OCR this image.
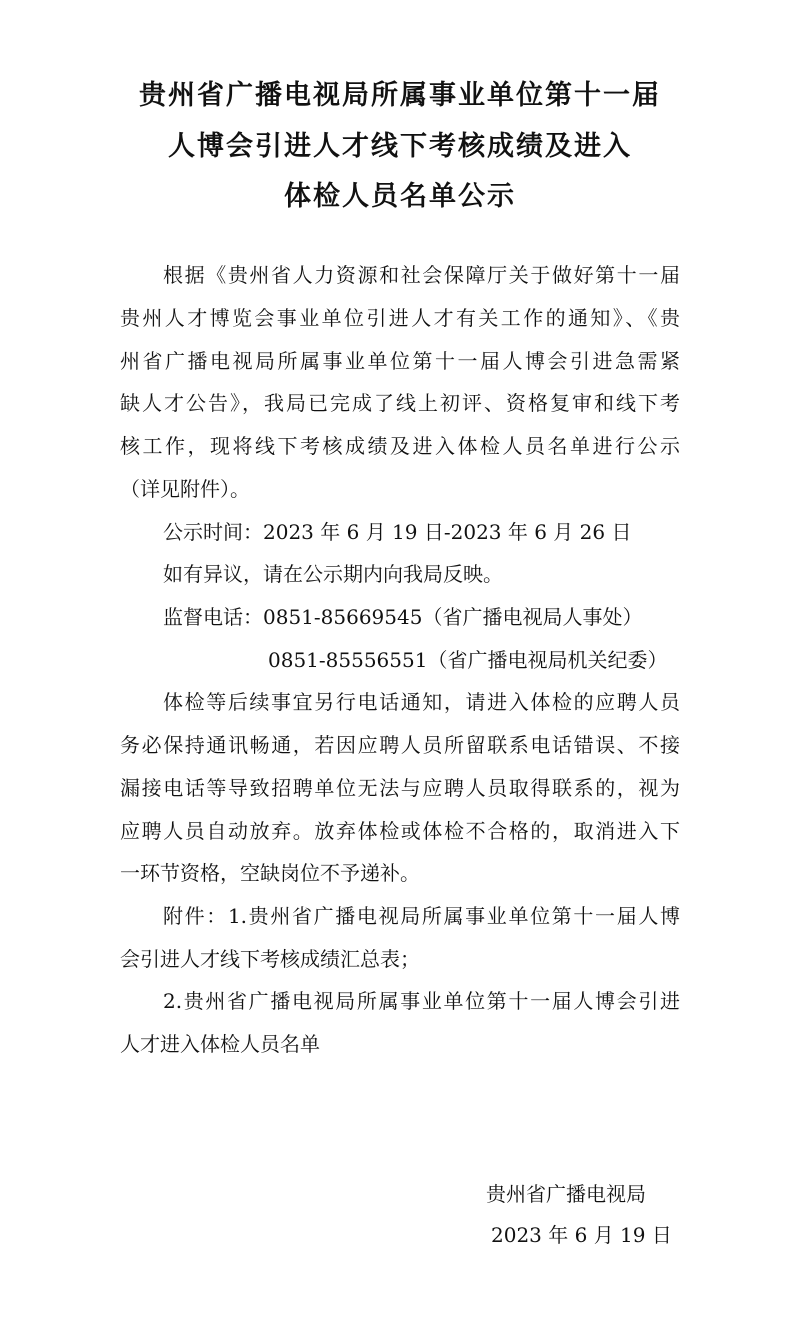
贵州省广播电视局所属事业单位第十一届
人博会引进人才线下考核成绩及进入
体检人员名单公示
根据《贵州省人力资源和社会保障厅关于做好第十一届
贵州人才博览会事业单位引进人才有关工作的通知》、《贵
州省广播电视局所属事业单位第十一届人博会引进急需紧
缺人才公告》，我局已完成了线上初评、资格复审和线下考
核工作，现将线下考核成绩及进入体检人员名单进行公示
（详见附件）。
公示时间：2023 年 6 月 19 日-2023 年 6 月 26 日
如有异议，请在公示期内向我局反映。
监督电话：0851-85669545（省广播电视局人事处）
0851-85556551（省广播电视局机关纪委）
体检等后续事宜另行电话通知，请进入体检的应聘人员
务必保持通讯畅通，若因应聘人员所留联系电话错误、不接
漏接电话等导致招聘单位无法与应聘人员取得联系的，视为
应聘人员自动放弃。放弃体检或体检不合格的，取消进入下
一环节资格，空缺岗位不予递补。
附件：1.贵州省广播电视局所属事业单位第十一届人博
会引进人才线下考核成绩汇总表；
2.贵州省广播电视局所属事业单位第十一届人博会引进
人才进入体检人员名单
贵州省广播电视局
2023 年 6 月 19 日
